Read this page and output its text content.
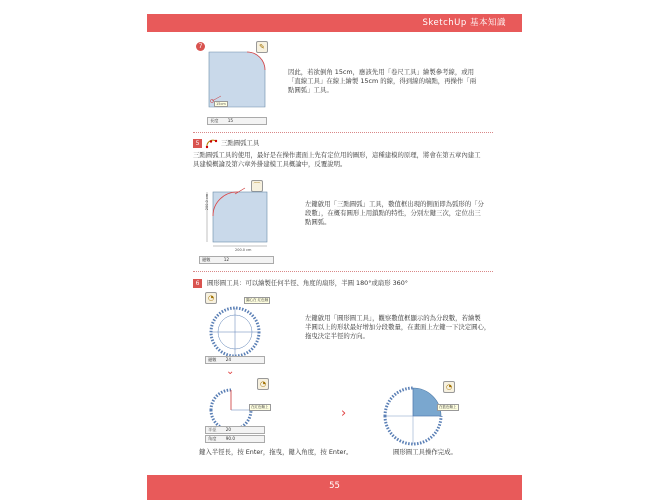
SketchUp 基本知識
7	✎
15cm
長度 15
因此，若欲倒角 15cm，應該先用「卷尺工具」繪製參考線，或用
「直線工具」在線上繪製 15cm 的線，得到線的端點，再操作「兩
點圓弧」工具。
5	三點圓弧工具
三點圓弧工具的使用，最好是在操作畫面上先有定位用的圖形，這種建模的原理，將會在第五章內建工
具建模概論及第六章外掛建模工具概論中，反覆說明。
⌒
200.0 cm
200.0 cm
邊數	12
左鍵啟用「三點圓弧」工具，數值框出現的側面即為弧形的「分
段數」，在概有圓形上用鎖點的特性，分別左鍵三次，定位出三
點圓弧。
6	圓形圓工具：可以繪製任何半徑、角度的扇形，半圓 180°或扇形 360°
◔	圓心在 紅色軸
邊數 24
⌄
◔
在紅色軸上
半徑 20
角度 90.0
左鍵啟用「圓形圓工具」，觀察數值框顯示的為分段數，若繪製
半圓以上的形狀最好增加分段數量，在畫面上左鍵一下決定圓心，
拖曳決定半徑的方向。
›
◔
在藍色軸上
鍵入半徑長，按 Enter，拖曳，鍵入角度，按 Enter。	圓形圓工具操作完成。
55
